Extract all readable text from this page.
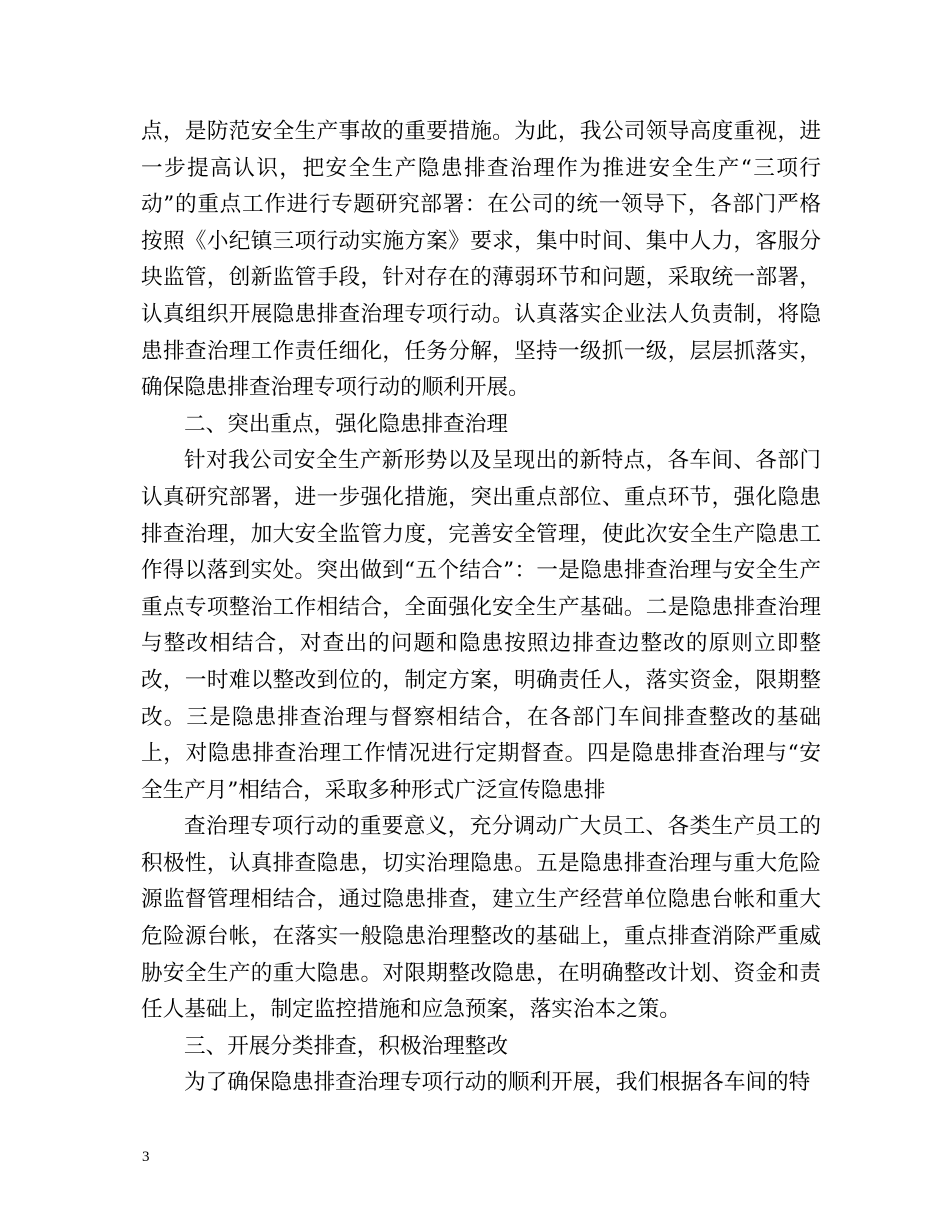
点，是防范安全生产事故的重要措施。为此，我公司领导高度重视，进一步提高认识，把安全生产隐患排查治理作为推进安全生产“三项行动”的重点工作进行专题研究部署：在公司的统一领导下，各部门严格按照《小纪镇三项行动实施方案》要求，集中时间、集中人力，客服分块监管，创新监管手段，针对存在的薄弱环节和问题，采取统一部署，认真组织开展隐患排查治理专项行动。认真落实企业法人负责制，将隐患排查治理工作责任细化，任务分解，坚持一级抓一级，层层抓落实，确保隐患排查治理专项行动的顺利开展。

二、突出重点，强化隐患排查治理

针对我公司安全生产新形势以及呈现出的新特点，各车间、各部门认真研究部署，进一步强化措施，突出重点部位、重点环节，强化隐患排查治理，加大安全监管力度，完善安全管理，使此次安全生产隐患工作得以落到实处。突出做到“五个结合”：一是隐患排查治理与安全生产重点专项整治工作相结合，全面强化安全生产基础。二是隐患排查治理与整改相结合，对查出的问题和隐患按照边排查边整改的原则立即整改，一时难以整改到位的，制定方案，明确责任人，落实资金，限期整改。三是隐患排查治理与督察相结合，在各部门车间排查整改的基础上，对隐患排查治理工作情况进行定期督查。四是隐患排查治理与“安全生产月”相结合，采取多种形式广泛宣传隐患排

查治理专项行动的重要意义，充分调动广大员工、各类生产员工的积极性，认真排查隐患，切实治理隐患。五是隐患排查治理与重大危险源监督管理相结合，通过隐患排查，建立生产经营单位隐患台帐和重大危险源台帐，在落实一般隐患治理整改的基础上，重点排查消除严重威胁安全生产的重大隐患。对限期整改隐患，在明确整改计划、资金和责任人基础上，制定监控措施和应急预案，落实治本之策。

三、开展分类排查，积极治理整改

为了确保隐患排查治理专项行动的顺利开展，我们根据各车间的特

3
